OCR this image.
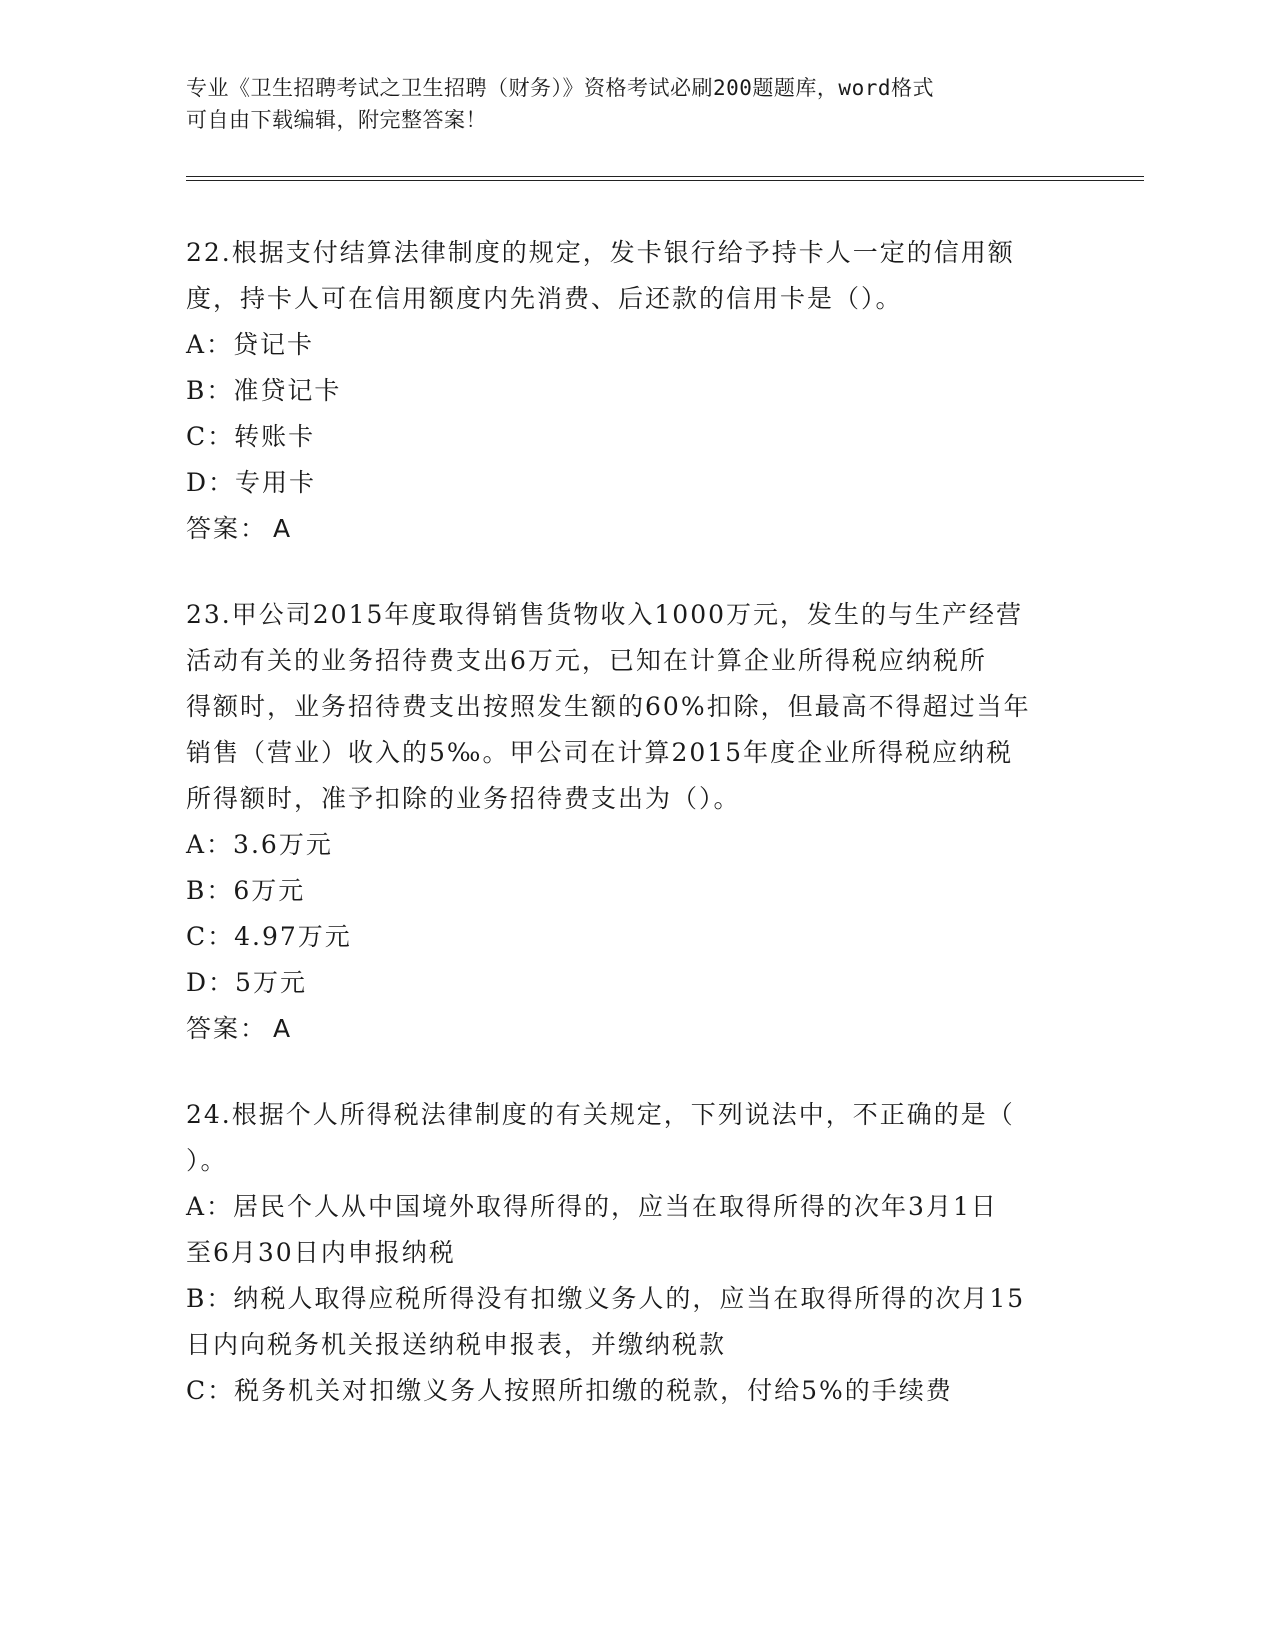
专业《卫生招聘考试之卫生招聘（财务）》资格考试必刷200题题库，word格式
可自由下载编辑，附完整答案！
22.根据支付结算法律制度的规定，发卡银行给予持卡人一定的信用额
度，持卡人可在信用额度内先消费、后还款的信用卡是（）。
A：贷记卡
B：准贷记卡
C：转账卡
D：专用卡
答案： A
23.甲公司2015年度取得销售货物收入1000万元，发生的与生产经营
活动有关的业务招待费支出6万元，已知在计算企业所得税应纳税所
得额时，业务招待费支出按照发生额的60%扣除，但最高不得超过当年
销售（营业）收入的5‰。甲公司在计算2015年度企业所得税应纳税
所得额时，准予扣除的业务招待费支出为（）。
A：3.6万元
B：6万元
C：4.97万元
D：5万元
答案： A
24.根据个人所得税法律制度的有关规定，下列说法中，不正确的是（
）。
A：居民个人从中国境外取得所得的，应当在取得所得的次年3月1日
至6月30日内申报纳税
B：纳税人取得应税所得没有扣缴义务人的，应当在取得所得的次月15
日内向税务机关报送纳税申报表，并缴纳税款
C：税务机关对扣缴义务人按照所扣缴的税款，付给5%的手续费
